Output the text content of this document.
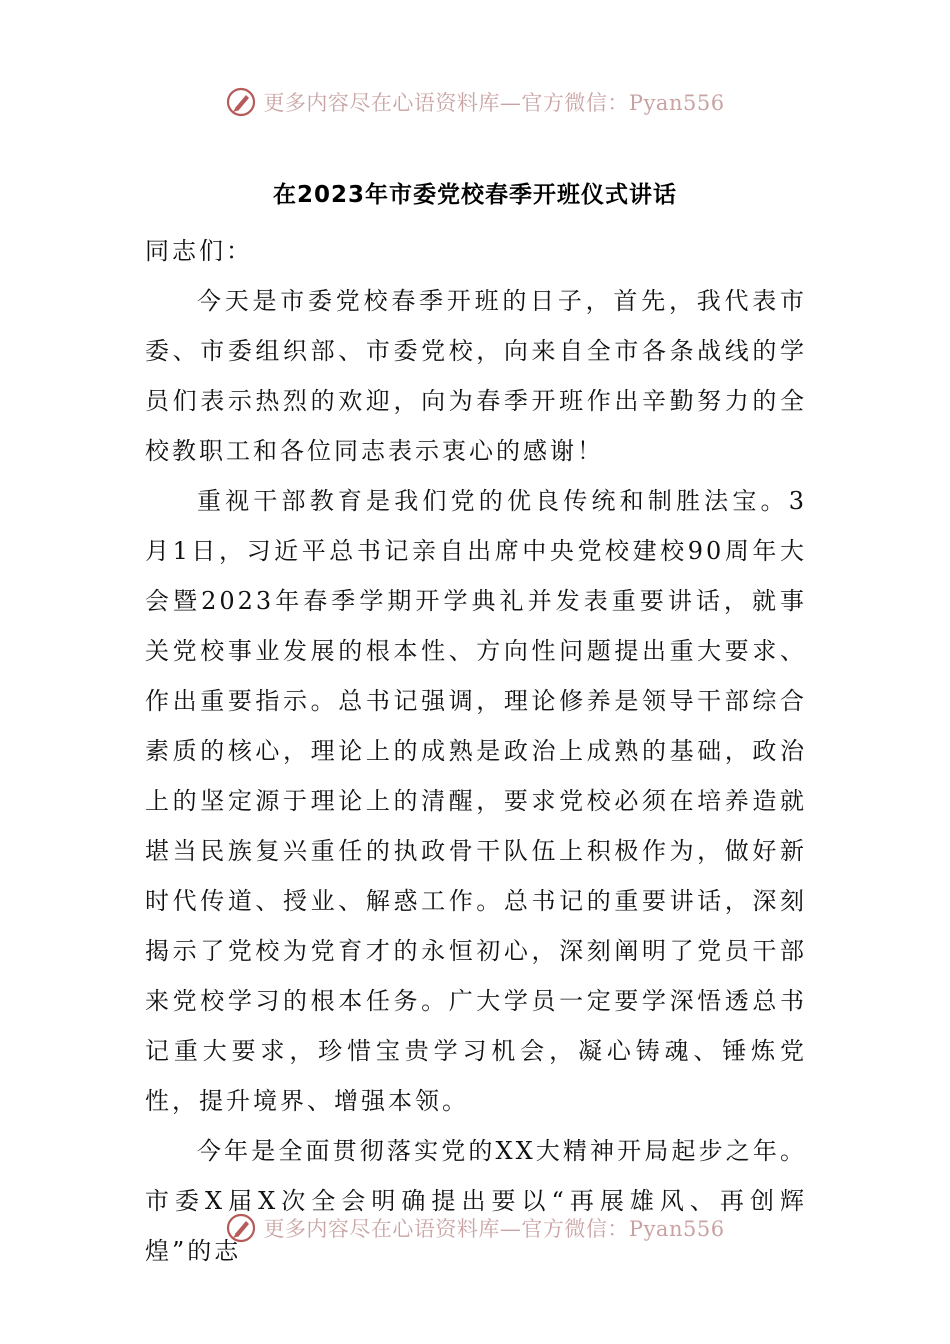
更多内容尽在心语资料库—官方微信：Pyan556
在2023年市委党校春季开班仪式讲话

同志们：

今天是市委党校春季开班的日子，首先，我代表市委、市委组织部、市委党校，向来自全市各条战线的学员们表示热烈的欢迎，向为春季开班作出辛勤努力的全校教职工和各位同志表示衷心的感谢！

重视干部教育是我们党的优良传统和制胜法宝。3月1日，习近平总书记亲自出席中央党校建校90周年大会暨2023年春季学期开学典礼并发表重要讲话，就事关党校事业发展的根本性、方向性问题提出重大要求、作出重要指示。总书记强调，理论修养是领导干部综合素质的核心，理论上的成熟是政治上成熟的基础，政治上的坚定源于理论上的清醒，要求党校必须在培养造就堪当民族复兴重任的执政骨干队伍上积极作为，做好新时代传道、授业、解惑工作。总书记的重要讲话，深刻揭示了党校为党育才的永恒初心，深刻阐明了党员干部来党校学习的根本任务。广大学员一定要学深悟透总书记重大要求，珍惜宝贵学习机会，凝心铸魂、锤炼党性，提升境界、增强本领。

今年是全面贯彻落实党的XX大精神开局起步之年。市委X届X次全会明确提出要以“再展雄风、再创辉煌”的志

更多内容尽在心语资料库—官方微信：Pyan556
